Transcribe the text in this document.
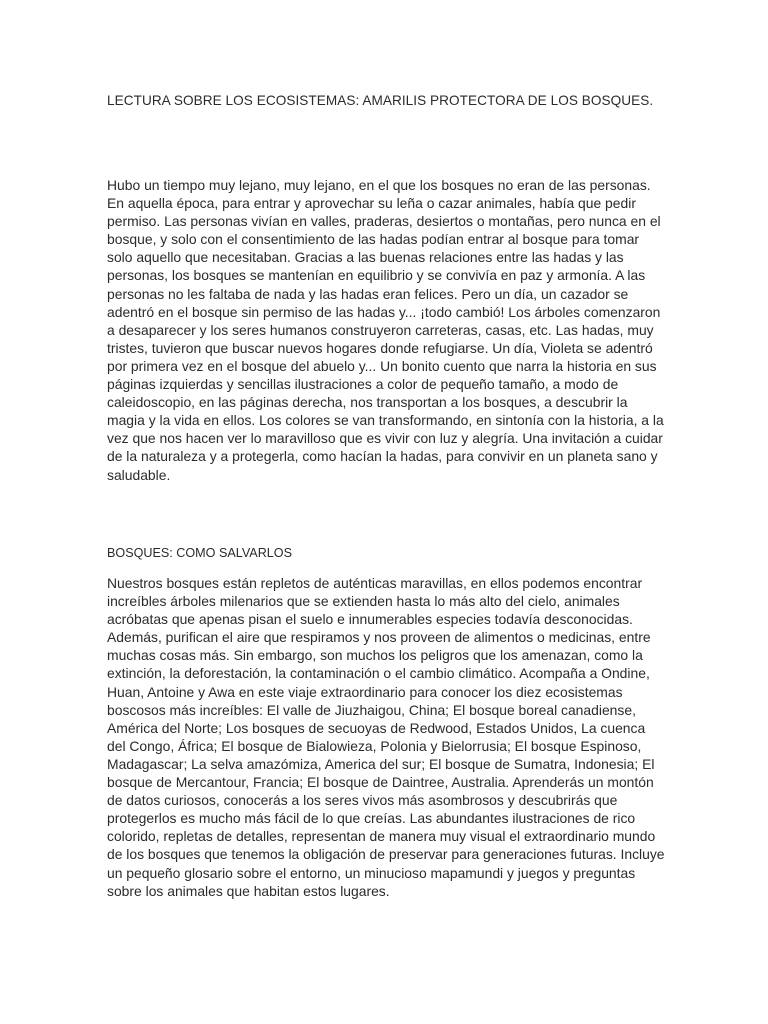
LECTURA SOBRE LOS ECOSISTEMAS: AMARILIS PROTECTORA DE LOS BOSQUES.
Hubo un tiempo muy lejano, muy lejano, en el que los bosques no eran de las personas.
En aquella época, para entrar y aprovechar su leña o cazar animales, había que pedir
permiso. Las personas vivían en valles, praderas, desiertos o montañas, pero nunca en el
bosque, y solo con el consentimiento de las hadas podían entrar al bosque para tomar
solo aquello que necesitaban. Gracias a las buenas relaciones entre las hadas y las
personas, los bosques se mantenían en equilibrio y se convivía en paz y armonía. A las
personas no les faltaba de nada y las hadas eran felices. Pero un día, un cazador se
adentró en el bosque sin permiso de las hadas y... ¡todo cambió! Los árboles comenzaron
a desaparecer y los seres humanos construyeron carreteras, casas, etc. Las hadas, muy
tristes, tuvieron que buscar nuevos hogares donde refugiarse. Un día, Violeta se adentró
por primera vez en el bosque del abuelo y... Un bonito cuento que narra la historia en sus
páginas izquierdas y sencillas ilustraciones a color de pequeño tamaño, a modo de
caleidoscopio, en las páginas derecha, nos transportan a los bosques, a descubrir la
magia y la vida en ellos. Los colores se van transformando, en sintonía con la historia, a la
vez que nos hacen ver lo maravilloso que es vivir con luz y alegría. Una invitación a cuidar
de la naturaleza y a protegerla, como hacían la hadas, para convivir en un planeta sano y
saludable.
BOSQUES: COMO SALVARLOS
Nuestros bosques están repletos de auténticas maravillas, en ellos podemos encontrar
increíbles árboles milenarios que se extienden hasta lo más alto del cielo, animales
acróbatas que apenas pisan el suelo e innumerables especies todavía desconocidas.
Además, purifican el aire que respiramos y nos proveen de alimentos o medicinas, entre
muchas cosas más. Sin embargo, son muchos los peligros que los amenazan, como la
extinción, la deforestación, la contaminación o el cambio climático. Acompaña a Ondine,
Huan, Antoine y Awa en este viaje extraordinario para conocer los diez ecosistemas
boscosos más increíbles: El valle de Jiuzhaigou, China; El bosque boreal canadiense,
América del Norte; Los bosques de secuoyas de Redwood, Estados Unidos, La cuenca
del Congo, África; El bosque de Bialowieza, Polonia y Bielorrusia; El bosque Espinoso,
Madagascar; La selva amazómiza, America del sur; El bosque de Sumatra, Indonesia; El
bosque de Mercantour, Francia; El bosque de Daintree, Australia. Aprenderás un montón
de datos curiosos, conocerás a los seres vivos más asombrosos y descubrirás que
protegerlos es mucho más fácil de lo que creías. Las abundantes ilustraciones de rico
colorido, repletas de detalles, representan de manera muy visual el extraordinario mundo
de los bosques que tenemos la obligación de preservar para generaciones futuras. Incluye
un pequeño glosario sobre el entorno, un minucioso mapamundi y juegos y preguntas
sobre los animales que habitan estos lugares.
